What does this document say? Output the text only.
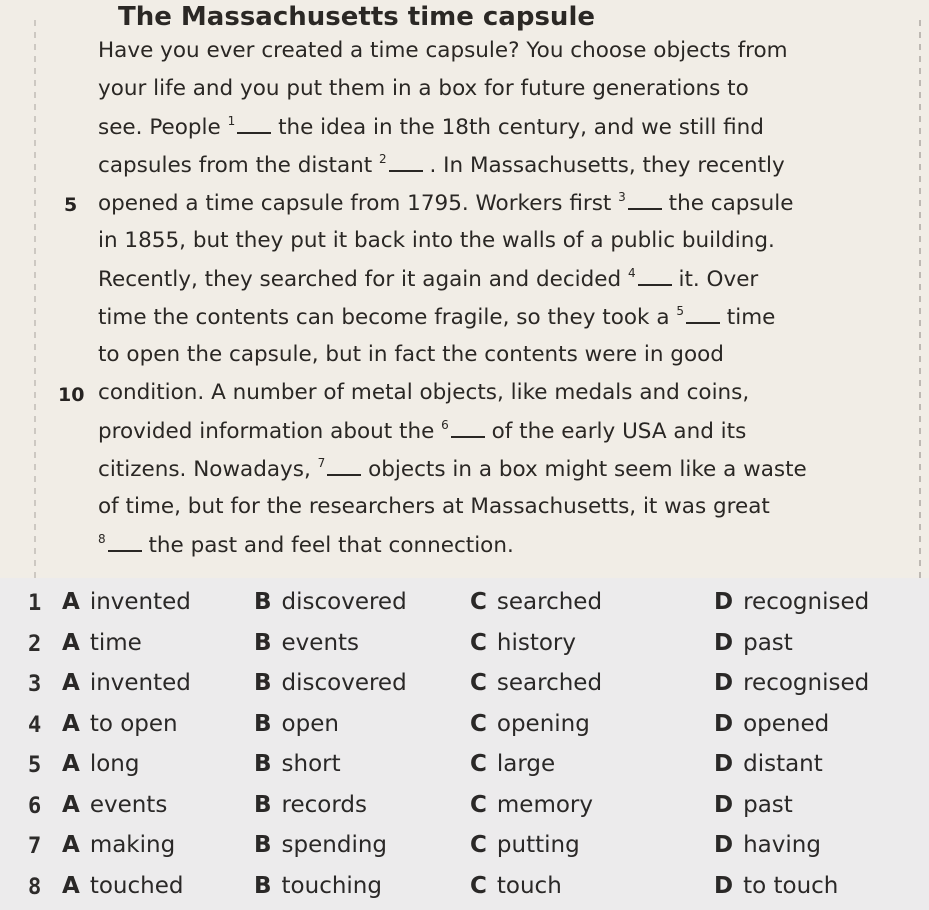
The Massachusetts time capsule
Have you ever created a time capsule? You choose objects from
your life and you put them in a box for future generations to
see. People $^1$ the idea in the 18th century, and we still find
capsules from the distant $^2$ . In Massachusetts, they recently
5 opened a time capsule from 1795. Workers first $^3$ the capsule
in 1855, but they put it back into the walls of a public building.
Recently, they searched for it again and decided $^4$ it. Over
time the contents can become fragile, so they took a $^5$ time
to open the capsule, but in fact the contents were in good
10 condition. A number of metal objects, like medals and coins,
provided information about the $^6$ of the early USA and its
citizens. Nowadays, $^7$ objects in a box might seem like a waste
of time, but for the researchers at Massachusetts, it was great
$^8$ the past and feel that connection.
1 A invented	B discovered	C searched	D recognised
2 A time	B events	C history	D past
3 A invented	B discovered	C searched	D recognised
4 A to open	B open	C opening	D opened
5 A long	B short	C large	D distant
6 A events	B records	C memory	D past
7 A making	B spending	C putting	D having
8 A touched	B touching	C touch	D to touch
